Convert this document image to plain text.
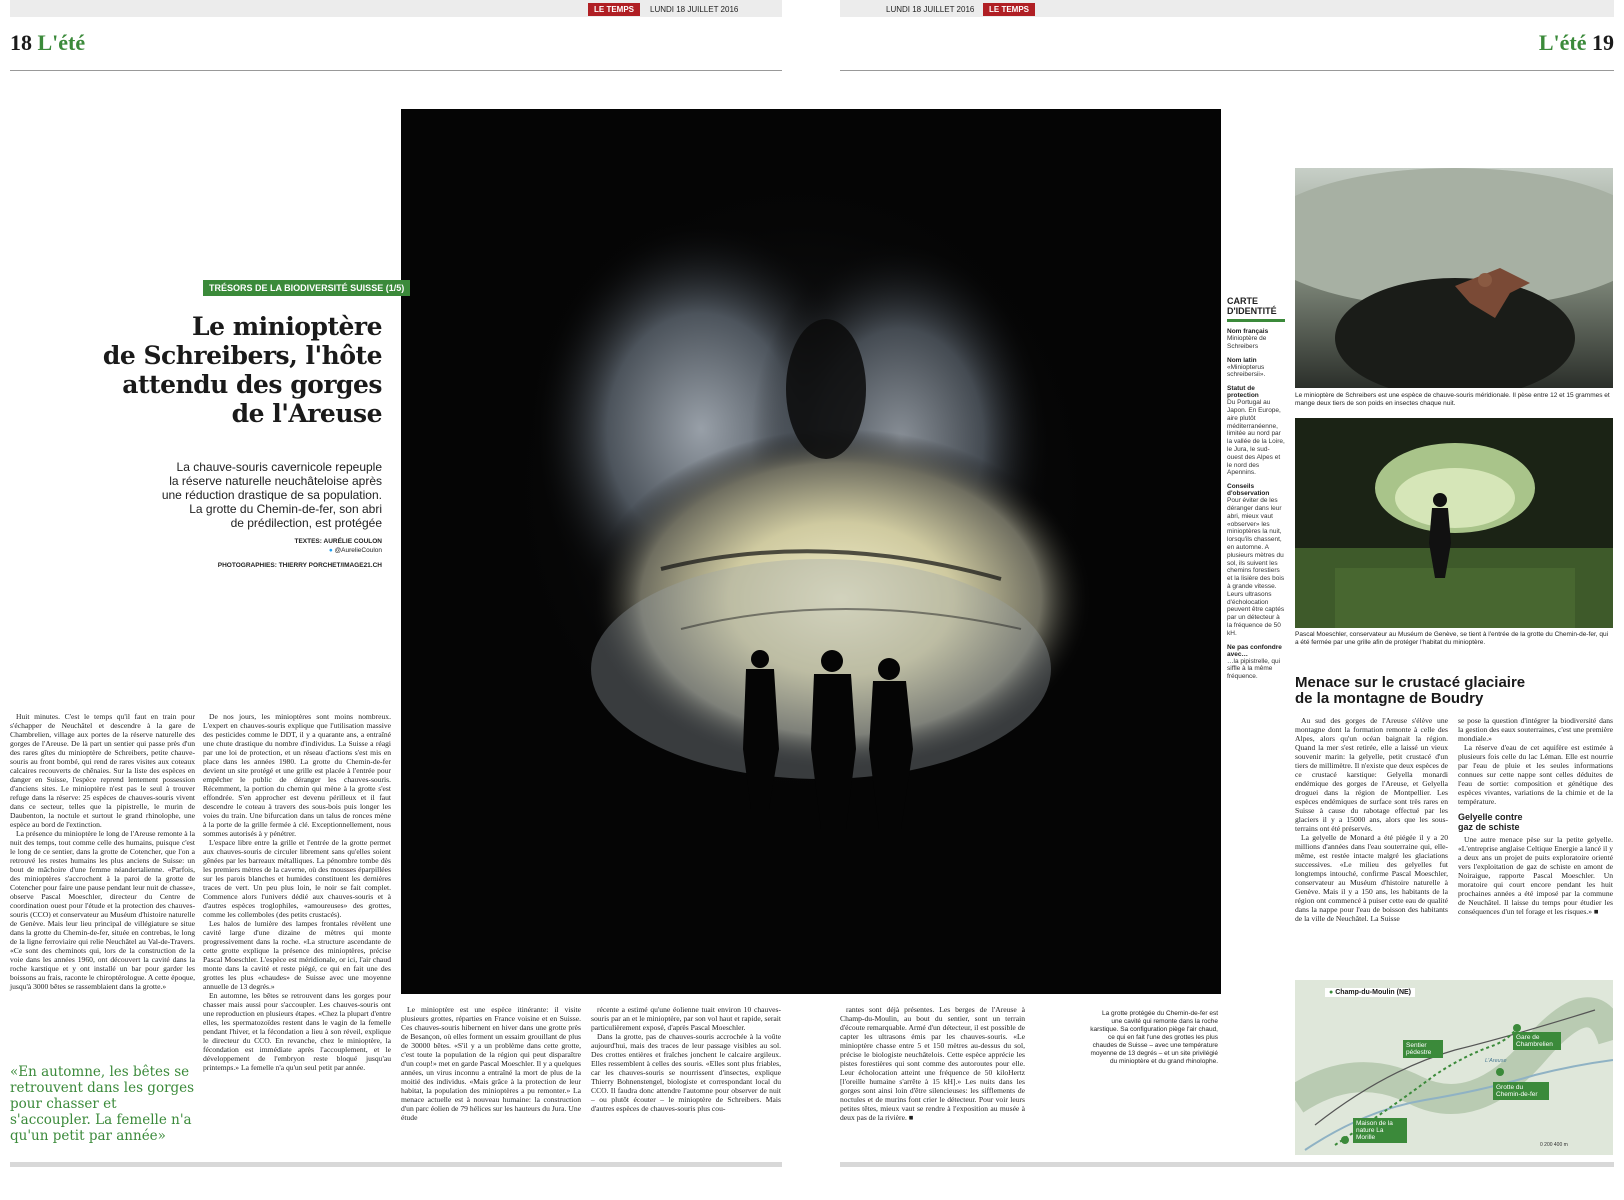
LE TEMPS	LUNDI 18 JUILLET 2016
18 L'été
LUNDI 18 JUILLET 2016	LE TEMPS
L'été 19
TRÉSORS DE LA BIODIVERSITÉ SUISSE (1/5)
Le minioptère
de Schreibers, l'hôte
attendu des gorges
de l'Areuse
La chauve-souris cavernicole repeuple
la réserve naturelle neuchâteloise après
une réduction drastique de sa population.
La grotte du Chemin-de-fer, son abri
de prédilection, est protégée
TEXTES: AURÉLIE COULON
● @AurelieCoulon
PHOTOGRAPHIES: THIERRY PORCHET/IMAGE21.CH

Huit minutes. C'est le temps qu'il faut en train pour s'échapper de Neuchâtel et descendre à la gare de Chambrelien, village aux portes de la réserve naturelle des gorges de l'Areuse. De là part un sentier qui passe près d'un des rares gîtes du minioptère de Schreibers, petite chauve-souris au front bombé, qui rend de rares visites aux coteaux calcaires recouverts de chênaies. Sur la liste des espèces en danger en Suisse, l'espèce reprend lentement possession d'anciens sites. Le minioptère n'est pas le seul à trouver refuge dans la réserve: 25 espèces de chauves-souris vivent dans ce secteur, telles que la pipistrelle, le murin de Daubenton, la noctule et surtout le grand rhinolophe, une espèce au bord de l'extinction.

La présence du minioptère le long de l'Areuse remonte à la nuit des temps, tout comme celle des humains, puisque c'est le long de ce sentier, dans la grotte de Cotencher, que l'on a retrouvé les restes humains les plus anciens de Suisse: un bout de mâchoire d'une femme néandertalienne. «Parfois, des minioptères s'accrochent à la paroi de la grotte de Cotencher pour faire une pause pendant leur nuit de chasse», observe Pascal Moeschler, directeur du Centre de coordination ouest pour l'étude et la protection des chauves-souris (CCO) et conservateur au Muséum d'histoire naturelle de Genève. Mais leur lieu principal de villégiature se situe dans la grotte du Chemin-de-fer, située en contrebas, le long de la ligne ferroviaire qui relie Neuchâtel au Val-de-Travers. «Ce sont des cheminots qui, lors de la construction de la voie dans les années 1960, ont découvert la cavité dans la roche karstique et y ont installé un bar pour garder les boissons au frais, raconte le chiroptérologue. A cette époque, jusqu'à 3000 bêtes se rassemblaient dans la grotte.»

De nos jours, les minioptères sont moins nombreux. L'expert en chauves-souris explique que l'utilisation massive des pesticides comme le DDT, il y a quarante ans, a entraîné une chute drastique du nombre d'individus. La Suisse a réagi par une loi de protection, et un réseau d'actions s'est mis en place dans les années 1980. La grotte du Chemin-de-fer devient un site protégé et une grille est placée à l'entrée pour empêcher le public de déranger les chauves-souris. Récemment, la portion du chemin qui mène à la grotte s'est effondrée. S'en approcher est devenu périlleux et il faut descendre le coteau à travers des sous-bois puis longer les voies du train. Une bifurcation dans un talus de ronces mène à la porte de la grille fermée à clé. Exceptionnellement, nous sommes autorisés à y pénétrer.

L'espace libre entre la grille et l'entrée de la grotte permet aux chauves-souris de circuler librement sans qu'elles soient gênées par les barreaux métalliques. La pénombre tombe dès les premiers mètres de la caverne, où des mousses éparpillées sur les parois blanches et humides constituent les dernières traces de vert. Un peu plus loin, le noir se fait complet. Commence alors l'univers dédié aux chauves-souris et à d'autres espèces troglophiles, «amoureuses» des grottes, comme les collemboles (des petits crustacés).

Les halos de lumière des lampes frontales révèlent une cavité large d'une dizaine de mètres qui monte progressivement dans la roche. «La structure ascendante de cette grotte explique la présence des minioptères, précise Pascal Moeschler. L'espèce est méridionale, or ici, l'air chaud monte dans la cavité et reste piégé, ce qui en fait une des grottes les plus «chaudes» de Suisse avec une moyenne annuelle de 13 degrés.»

En automne, les bêtes se retrouvent dans les gorges pour chasser mais aussi pour s'accoupler. Les chauves-souris ont une reproduction en plusieurs étapes. «Chez la plupart d'entre elles, les spermatozoïdes restent dans le vagin de la femelle pendant l'hiver, et la fécondation a lieu à son réveil, explique le directeur du CCO. En revanche, chez le minioptère, la fécondation est immédiate après l'accouplement, et le développement de l'embryon reste bloqué jusqu'au printemps.» La femelle n'a qu'un seul petit par année.

«En automne, les bêtes se retrouvent dans les gorges pour chasser et s'accoupler. La femelle n'a qu'un petit par année»

Le minioptère est une espèce itinérante: il visite plusieurs grottes, réparties en France voisine et en Suisse. Ces chauves-souris hibernent en hiver dans une grotte près de Besançon, où elles forment un essaim grouillant de plus de 30000 bêtes. «S'il y a un problème dans cette grotte, c'est toute la population de la région qui peut disparaître d'un coup!» met en garde Pascal Moeschler. Il y a quelques années, un virus inconnu a entraîné la mort de plus de la moitié des individus. «Mais grâce à la protection de leur habitat, la population des minioptères a pu remonter.» La menace actuelle est à nouveau humaine: la construction d'un parc éolien de 79 hélices sur les hauteurs du Jura. Une étude

récente a estimé qu'une éolienne tuait environ 10 chauves-souris par an et le minioptère, par son vol haut et rapide, serait particulièrement exposé, d'après Pascal Moeschler.

Dans la grotte, pas de chauves-souris accrochée à la voûte aujourd'hui, mais des traces de leur passage visibles au sol. Des crottes entières et fraîches jonchent le calcaire argileux. Elles ressemblent à celles des souris. «Elles sont plus friables, car les chauves-souris se nourrissent d'insectes, explique Thierry Bohnenstengel, biologiste et correspondant local du CCO. Il faudra donc attendre l'automne pour observer de nuit – ou plutôt écouter – le minioptère de Schreibers. Mais d'autres espèces de chauves-souris plus cou-

rantes sont déjà présentes. Les berges de l'Areuse à Champ-du-Moulin, au bout du sentier, sont un terrain d'écoute remarquable. Armé d'un détecteur, il est possible de capter les ultrasons émis par les chauves-souris. «Le minioptère chasse entre 5 et 150 mètres au-dessus du sol, précise le biologiste neuchâtelois. Cette espèce apprécie les pistes forestières qui sont comme des autoroutes pour elle. Leur écholocation atteint une fréquence de 50 kiloHertz [l'oreille humaine s'arrête à 15 kH].» Les nuits dans les gorges sont ainsi loin d'être silencieuses: les sifflements de noctules et de murins font crier le détecteur. Pour voir leurs petites têtes, mieux vaut se rendre à l'exposition au musée à deux pas de la rivière. ■

La grotte protégée du Chemin-de-fer est une cavité qui remonte dans la roche karstique. Sa configuration piège l'air chaud, ce qui en fait l'une des grottes les plus chaudes de Suisse – avec une température moyenne de 13 degrés – et un site privilégié du minioptère et du grand rhinolophe.
CARTE
D'IDENTITÉ
Nom français
Minioptère de Schreibers
Nom latin
«Miniopterus schreibersii».
Statut de protection
Du Portugal au Japon. En Europe, aire plutôt méditerranéenne, limitée au nord par la vallée de la Loire, le Jura, le sud-ouest des Alpes et le nord des Apennins.
Conseils d'observation
Pour éviter de les déranger dans leur abri, mieux vaut «observer» les minioptères la nuit, lorsqu'ils chassent, en automne. A plusieurs mètres du sol, ils suivent les chemins forestiers et la lisière des bois à grande vitesse. Leurs ultrasons d'écholocation peuvent être captés par un détecteur à la fréquence de 50 kH.
Ne pas confondre avec…
…la pipistrelle, qui siffle à la même fréquence.
Le minioptère de Schreibers est une espèce de chauve-souris méridionale. Il pèse entre 12 et 15 grammes et mange deux tiers de son poids en insectes chaque nuit.
Pascal Moeschler, conservateur au Muséum de Genève, se tient à l'entrée de la grotte du Chemin-de-fer, qui a été fermée par une grille afin de protéger l'habitat du minioptère.
Menace sur le crustacé glaciaire
de la montagne de Boudry

Au sud des gorges de l'Areuse s'élève une montagne dont la formation remonte à celle des Alpes, alors qu'un océan baignait la région. Quand la mer s'est retirée, elle a laissé un vieux souvenir marin: la gelyelle, petit crustacé d'un tiers de millimètre. Il n'existe que deux espèces de ce crustacé karstique: Gelyella monardi endémique des gorges de l'Areuse, et Gelyella droguei dans la région de Montpellier. Les espèces endémiques de surface sont très rares en Suisse à cause du rabotage effectué par les glaciers il y a 15000 ans, alors que les sous-terrains ont été préservés.

La gelyelle de Monard a été piégée il y a 20 millions d'années dans l'eau souterraine qui, elle-même, est restée intacte malgré les glaciations successives. «Le milieu des gelyelles fut longtemps intouché, confirme Pascal Moeschler, conservateur au Muséum d'histoire naturelle à Genève. Mais il y a 150 ans, les habitants de la région ont commencé à puiser cette eau de qualité dans la nappe pour l'eau de boisson des habitants de la ville de Neuchâtel. La Suisse

se pose la question d'intégrer la biodiversité dans la gestion des eaux souterraines, c'est une première mondiale.»

La réserve d'eau de cet aquifère est estimée à plusieurs fois celle du lac Léman. Elle est nourrie par l'eau de pluie et les seules informations connues sur cette nappe sont celles déduites de l'eau de sortie: composition et génétique des espèces vivantes, variations de la chimie et de la température.

Gelyelle contre
gaz de schiste

Une autre menace pèse sur la petite gelyelle. «L'entreprise anglaise Celtique Energie a lancé il y a deux ans un projet de puits exploratoire orienté vers l'exploitation de gaz de schiste en amont de Noiraigue, rapporte Pascal Moeschler. Un moratoire qui court encore pendant les huit prochaines années a été imposé par la commune de Neuchâtel. Il laisse du temps pour étudier les conséquences d'un tel forage et les risques.» ■

● Champ-du-Moulin (NE)
Gare de Chambrelien
Sentier pédestre
Grotte du Chemin-de-fer
Maison de la nature La Morille
L'Areuse
0 200 400 m
